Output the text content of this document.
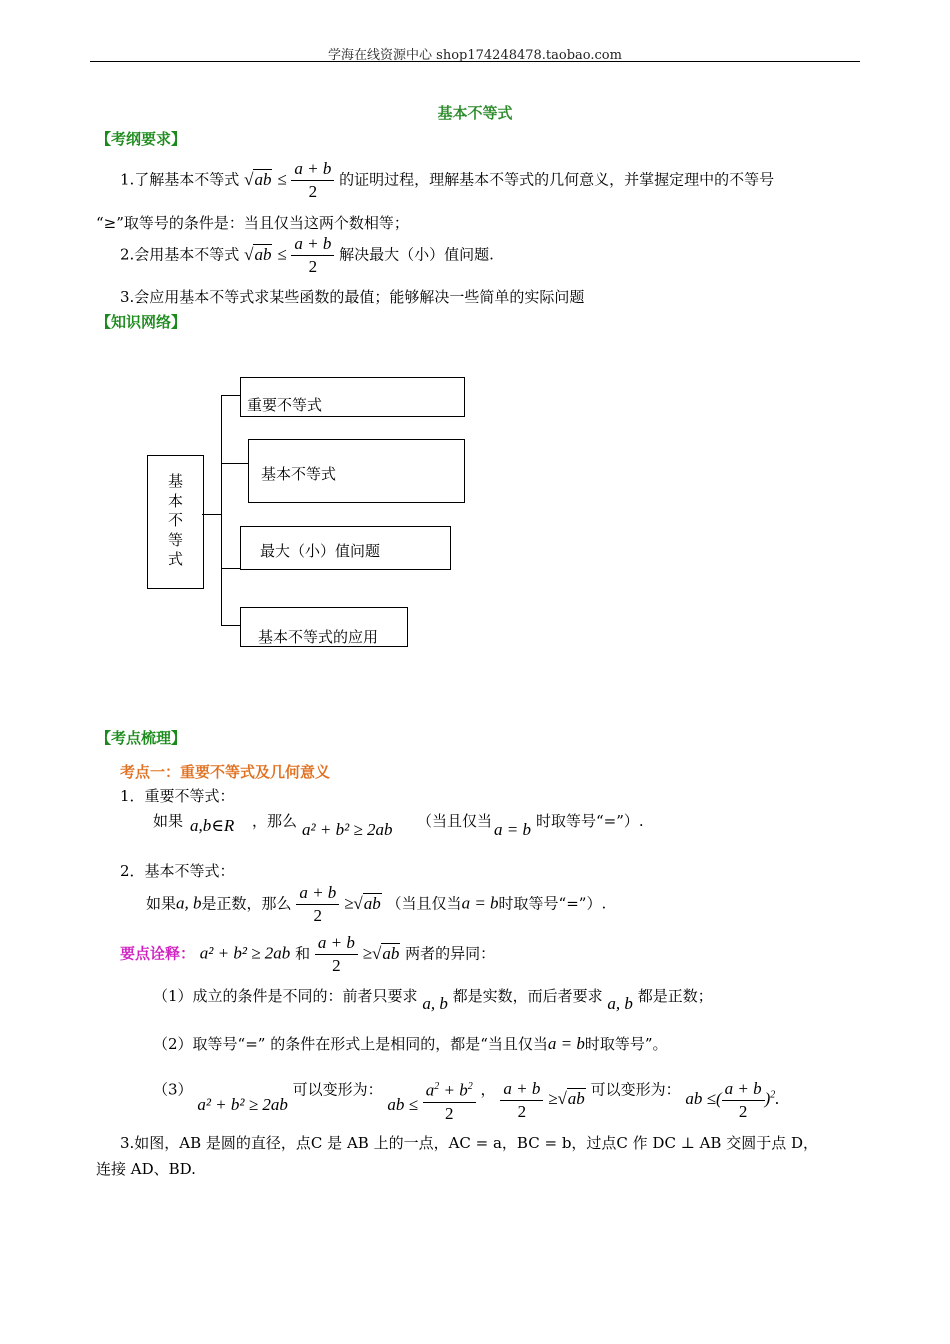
学海在线资源中心 shop174248478.taobao.com
基本不等式
【考纲要求】
1.了解基本不等式 $√ab \le \frac{a + b}{2}$ 的证明过程，理解基本不等式的几何意义，并掌握定理中的不等号
“≥”取等号的条件是：当且仅当这两个数相等；
2.会用基本不等式 $√ab \le \frac{a + b}{2}$ 解决最大（小）值问题.
3.会应用基本不等式求某些函数的最值；能够解决一些简单的实际问题
【知识网络】
基
本
不
等
式
重要不等式
基本不等式
最大（小）值问题
基本不等式的应用
【考点梳理】
考点一：重要不等式及几何意义
1．重要不等式：
如果 a,b∈R ，那么 a² + b² ≥ 2ab （当且仅当 a = b 时取等号“=”）.
2．基本不等式：
如果a, b是正数，那么 $\frac{a + b}{2} \ge√ab$ （当且仅当a = b时取等号“=”）.
要点诠释： a² + b² ≥ 2ab 和 $\frac{a + b}{2} \ge√ab$ 两者的异同：
（1）成立的条件是不同的：前者只要求 a, b 都是实数，而后者要求 a, b 都是正数；
（2）取等号“=” 的条件在形式上是相同的，都是“当且仅当a = b时取等号”。
（3） a² + b² ≥ 2ab 可以变形为： ab ≤ $\frac{a^2 + b^2}{2}$ ， $\frac{a + b}{2} \ge√ab$ 可以变形为： ab ≤( $\frac{a + b}{2} )^2$.
3.如图，AB 是圆的直径，点C 是 AB 上的一点，AC = a，BC = b，过点C 作 DC ⊥ AB 交圆于点 D，
连接 AD、BD.
